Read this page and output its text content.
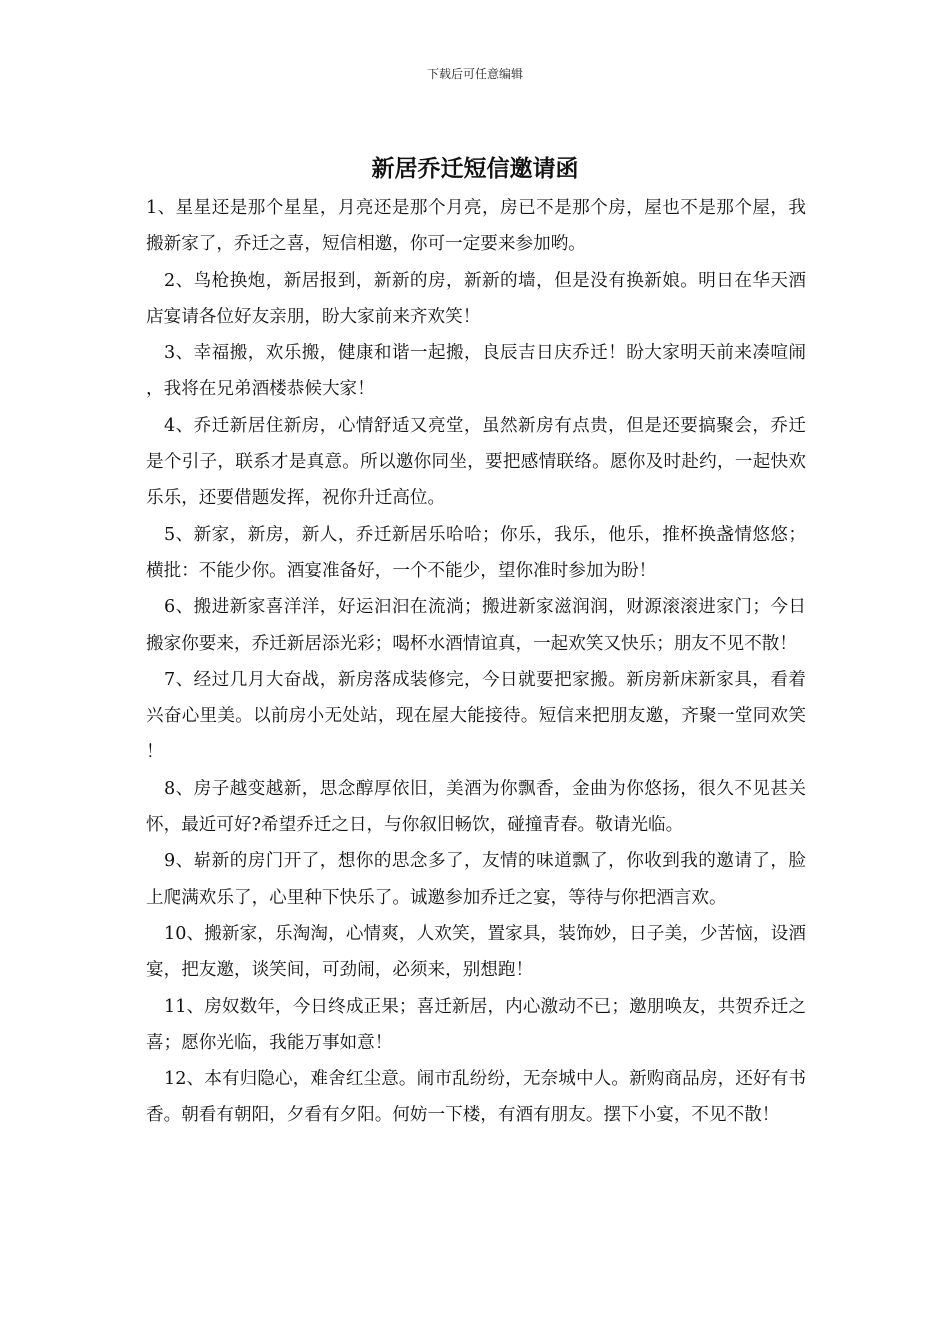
下载后可任意编辑
新居乔迁短信邀请函

1、星星还是那个星星，月亮还是那个月亮，房已不是那个房，屋也不是那个屋，我搬新家了，乔迁之喜，短信相邀，你可一定要来参加哟。

2、鸟枪换炮，新居报到，新新的房，新新的墙，但是没有换新娘。明日在华天酒店宴请各位好友亲朋，盼大家前来齐欢笑！

3、幸福搬，欢乐搬，健康和谐一起搬，良辰吉日庆乔迁！盼大家明天前来凑喧闹，我将在兄弟酒楼恭候大家！

4、乔迁新居住新房，心情舒适又亮堂，虽然新房有点贵，但是还要搞聚会，乔迁是个引子，联系才是真意。所以邀你同坐，要把感情联络。愿你及时赴约，一起快欢乐乐，还要借题发挥，祝你升迁高位。

5、新家，新房，新人，乔迁新居乐哈哈；你乐，我乐，他乐，推杯换盏情悠悠；横批：不能少你。酒宴准备好，一个不能少，望你准时参加为盼！

6、搬进新家喜洋洋，好运汩汩在流淌；搬进新家滋润润，财源滚滚进家门；今日搬家你要来，乔迁新居添光彩；喝杯水酒情谊真，一起欢笑又快乐；朋友不见不散！

7、经过几月大奋战，新房落成装修完，今日就要把家搬。新房新床新家具，看着兴奋心里美。以前房小无处站，现在屋大能接待。短信来把朋友邀，齐聚一堂同欢笑！

8、房子越变越新，思念醇厚依旧，美酒为你飘香，金曲为你悠扬，很久不见甚关怀，最近可好?希望乔迁之日，与你叙旧畅饮，碰撞青春。敬请光临。

9、崭新的房门开了，想你的思念多了，友情的味道飘了，你收到我的邀请了，脸上爬满欢乐了，心里种下快乐了。诚邀参加乔迁之宴，等待与你把酒言欢。

10、搬新家，乐淘淘，心情爽，人欢笑，置家具，装饰妙，日子美，少苦恼，设酒宴，把友邀，谈笑间，可劲闹，必须来，别想跑！

11、房奴数年，今日终成正果；喜迁新居，内心激动不已；邀朋唤友，共贺乔迁之喜；愿你光临，我能万事如意！

12、本有归隐心，难舍红尘意。闹市乱纷纷，无奈城中人。新购商品房，还好有书香。朝看有朝阳，夕看有夕阳。何妨一下楼，有酒有朋友。摆下小宴，不见不散！
